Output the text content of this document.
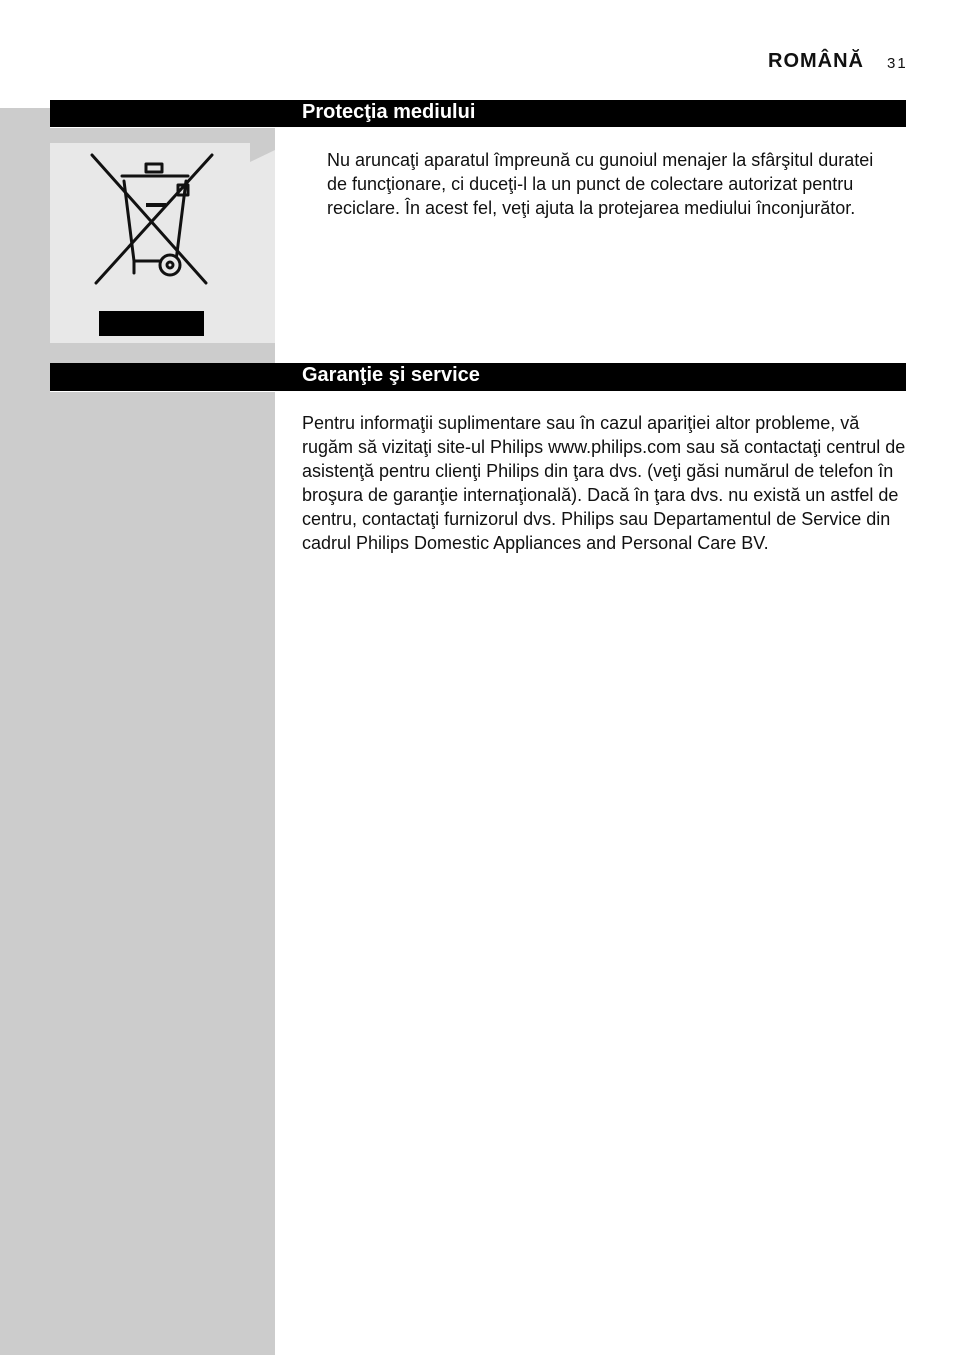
ROMÂNĂ 31
Protecţia mediului

Nu aruncaţi aparatul împreună cu gunoiul menajer la sfârşitul duratei de funcţionare, ci duceţi-l la un punct de colectare autorizat pentru reciclare. În acest fel, veţi ajuta la protejarea mediului înconjurător.

Garanţie şi service

Pentru informaţii suplimentare sau în cazul apariţiei altor probleme, vă rugăm să vizitaţi site-ul Philips www.philips.com sau să contactaţi centrul de asistenţă pentru clienţi Philips din ţara dvs. (veţi găsi numărul de telefon în broşura de garanţie internaţională). Dacă în ţara dvs. nu există un astfel de centru, contactaţi furnizorul dvs. Philips sau Departamentul de Service din cadrul Philips Domestic Appliances and Personal Care BV.
